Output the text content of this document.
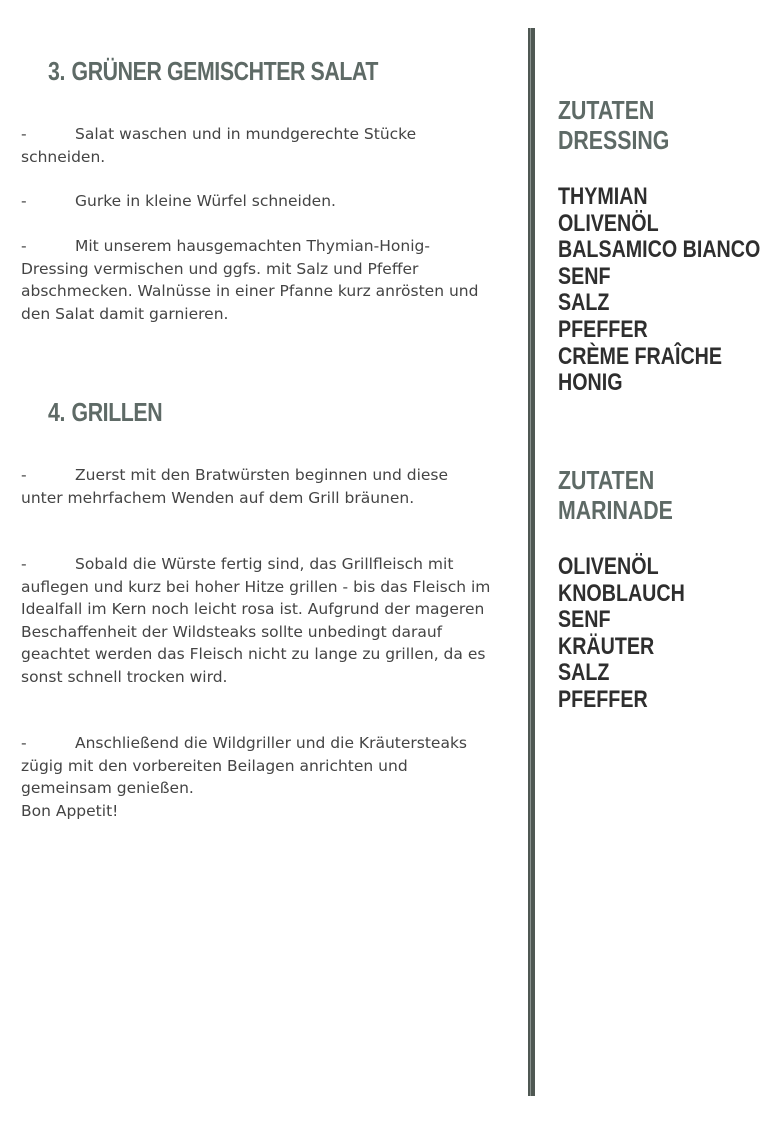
3. GRÜNER GEMISCHTER SALAT
-	Salat waschen und in mundgerechte Stücke schneiden.
-	Gurke in kleine Würfel schneiden.
-	Mit unserem hausgemachten Thymian-Honig-Dressing vermischen und ggfs. mit Salz und Pfeffer abschmecken. Walnüsse in einer Pfanne kurz anrösten und den Salat damit garnieren.
4. GRILLEN
-	Zuerst mit den Bratwürsten beginnen und diese unter mehrfachem Wenden auf dem Grill bräunen.
-	Sobald die Würste fertig sind, das Grillfleisch mit auflegen und kurz bei hoher Hitze grillen - bis das Fleisch im Idealfall im Kern noch leicht rosa ist. Aufgrund der mageren Beschaffenheit der Wildsteaks sollte unbedingt darauf geachtet werden das Fleisch nicht zu lange zu grillen, da es sonst schnell trocken wird.
-	Anschließend die Wildgriller und die Kräutersteaks zügig mit den vorbereiten Beilagen anrichten und gemeinsam genießen.
Bon Appetit!
ZUTATEN
DRESSING
THYMIAN
OLIVENÖL
BALSAMICO BIANCO
SENF
SALZ
PFEFFER
CRÈME FRAÎCHE
HONIG
ZUTATEN
MARINADE
OLIVENÖL
KNOBLAUCH
SENF
KRÄUTER
SALZ
PFEFFER
